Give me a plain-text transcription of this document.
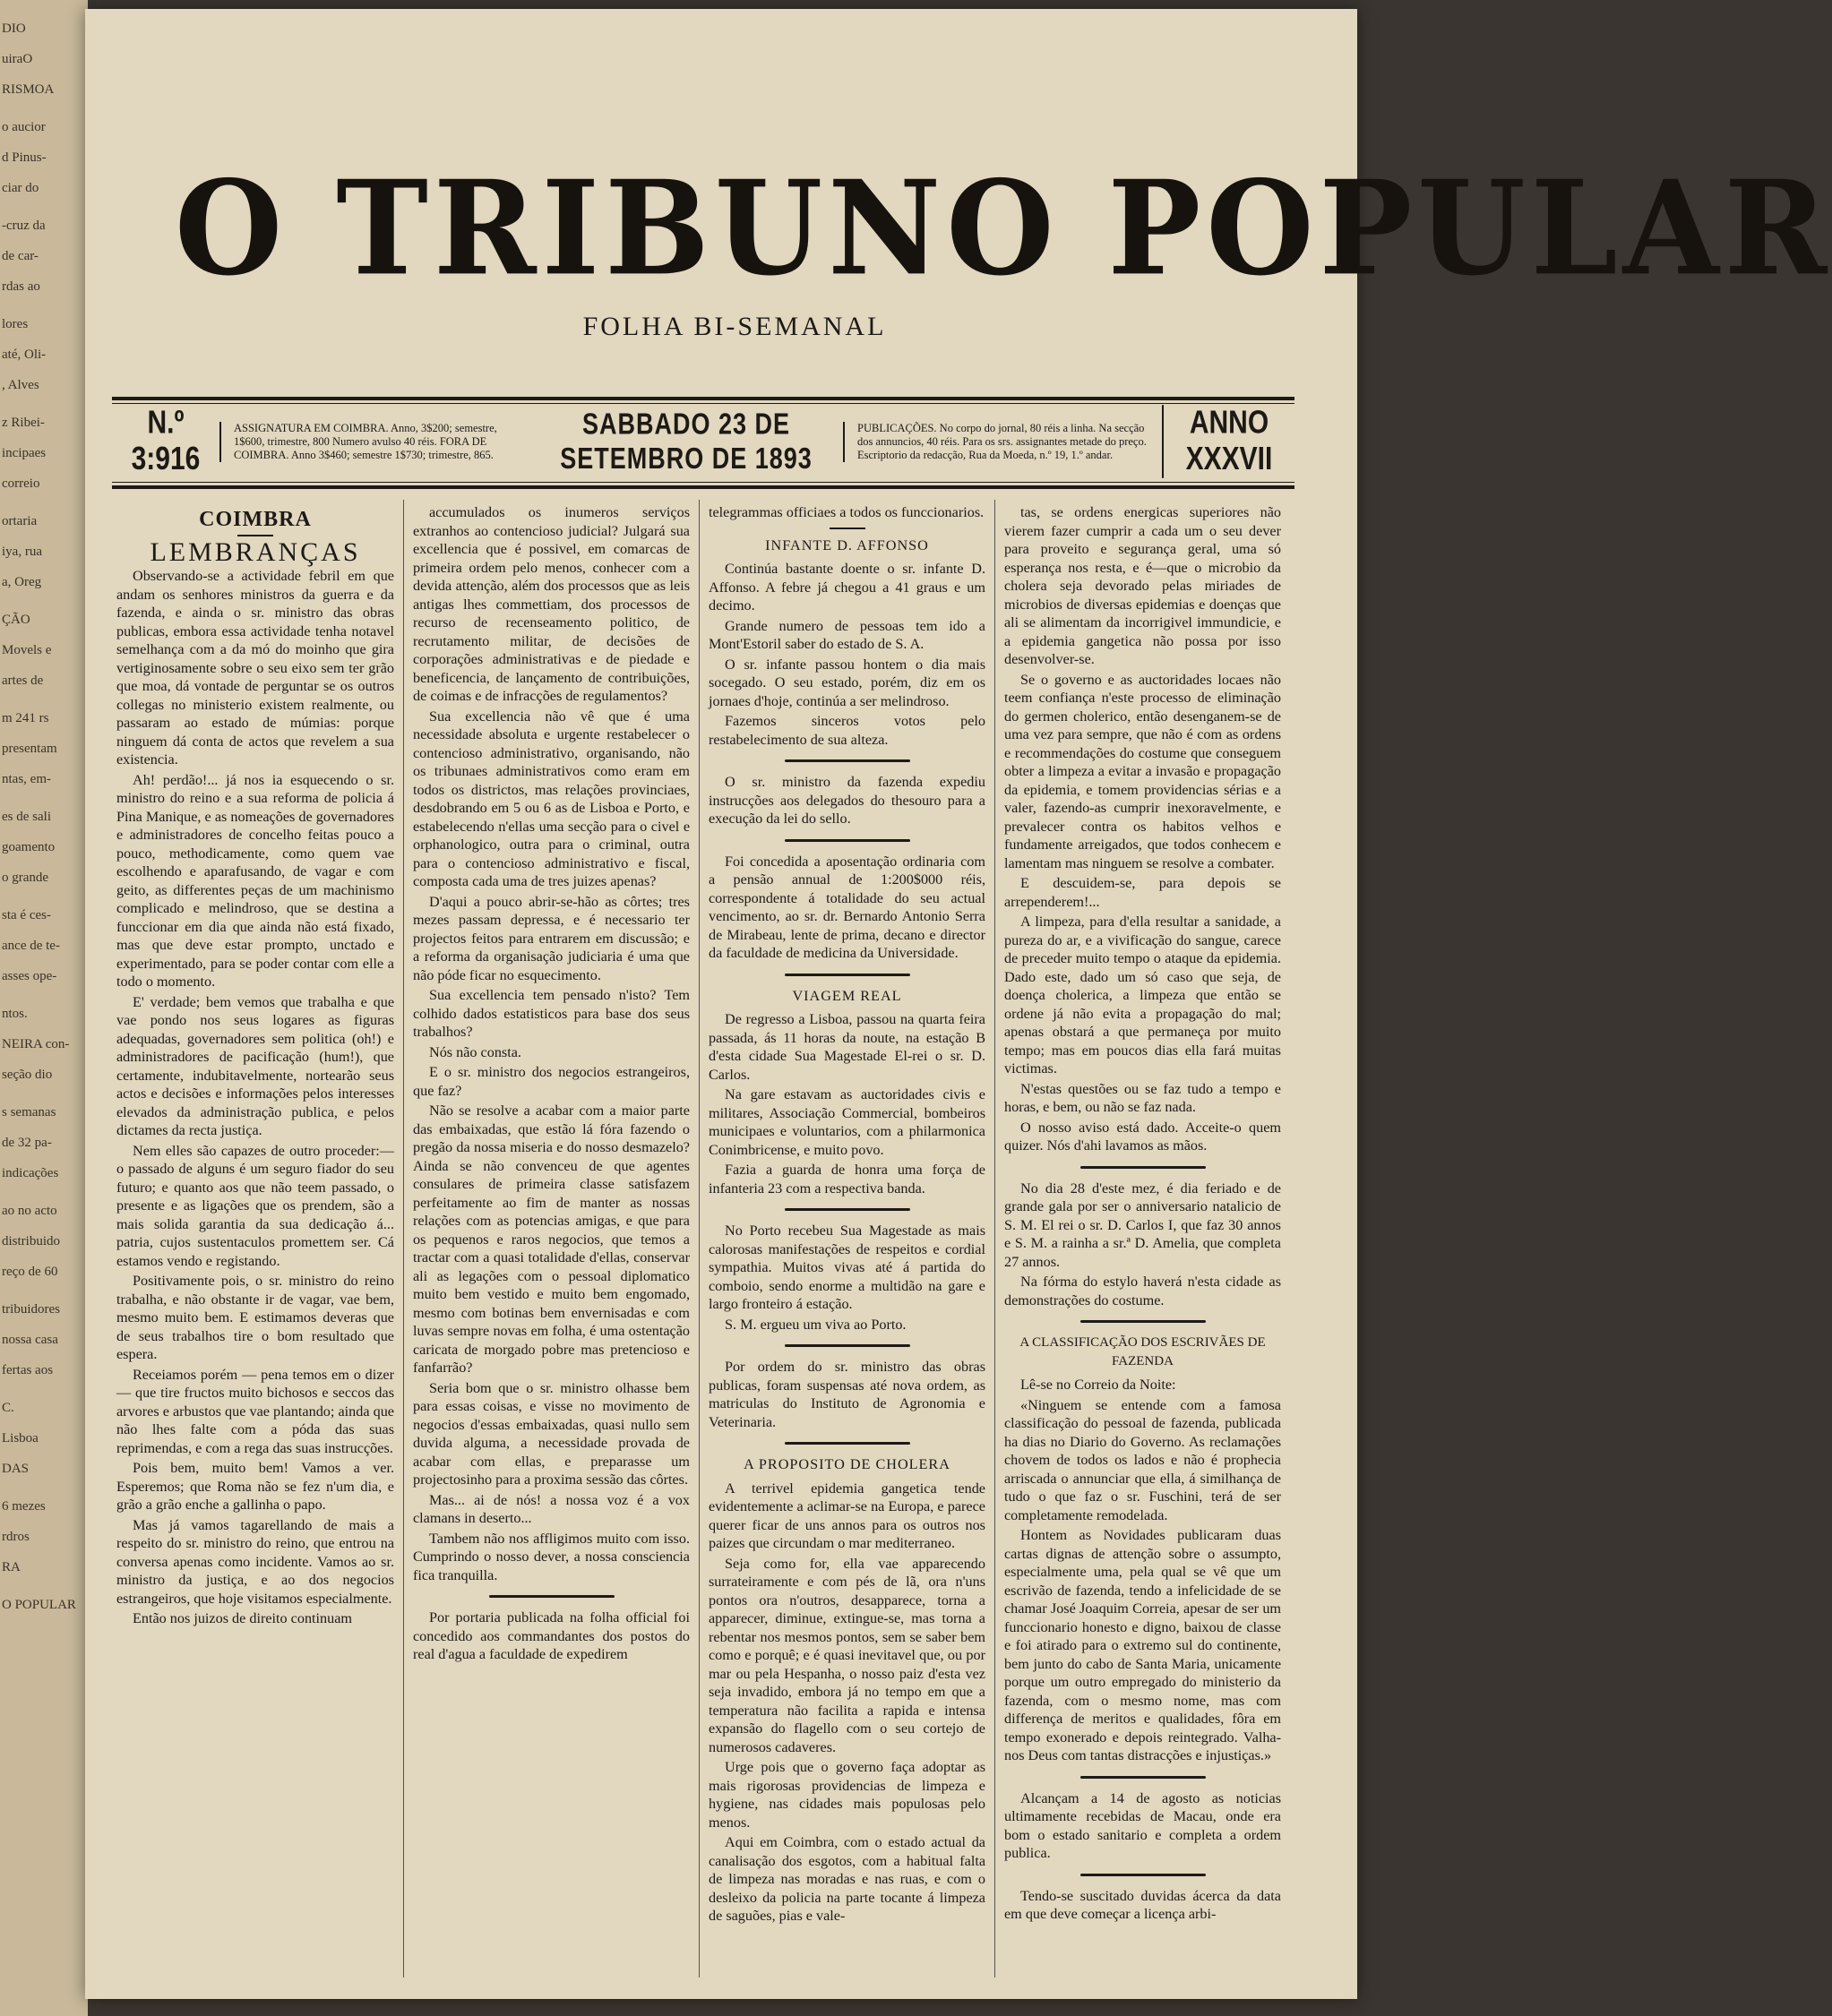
DIO
uiraO
RISMOA
o aucior
d Pinus-
ciar do
-cruz da
de car-
rdas ao
lores
até, Oli-
, Alves
z Ribei-
incipaes
correio
ortaria
iya, rua
a, Oreg
ÇÃO
Movels e
artes de
m 241 rs
presentam
ntas, em-
es de sali
goamento
o grande
sta é ces-
ance de te-
asses ope-
ntos.
NEIRA con-
seção dio
s semanas
de 32 pa-
indicações
ao no acto
distribuido
reço de 60
tribuidores
nossa casa
fertas aos
C.
Lisboa
DAS
6 mezes
rdros
RA
O POPULAR
O TRIBUNO POPULAR
FOLHA BI-SEMANAL
N.º 3:916
ASSIGNATURA EM COIMBRA. Anno, 3$200; semestre, 1$600, trimestre, 800 Numero avulso 40 réis. FORA DE COIMBRA. Anno 3$460; semestre 1$730; trimestre, 865.
SABBADO 23 DE SETEMBRO DE 1893
PUBLICAÇÕES. No corpo do jornal, 80 réis a linha. Na secção dos annuncios, 40 réis. Para os srs. assignantes metade do preço. Escriptorio da redacção, Rua da Moeda, n.º 19, 1.º andar.
ANNO XXXVII
COIMBRA
LEMBRANÇAS

Observando-se a actividade febril em que andam os senhores ministros da guerra e da fazenda, e ainda o sr. ministro das obras publicas, embora essa actividade tenha notavel semelhança com a da mó do moinho que gira vertiginosamente sobre o seu eixo sem ter grão que moa, dá vontade de perguntar se os outros collegas no ministerio existem realmente, ou passaram ao estado de múmias: porque ninguem dá conta de actos que revelem a sua existencia.

Ah! perdão!... já nos ia esquecendo o sr. ministro do reino e a sua reforma de policia á Pina Manique, e as nomeações de governadores e administradores de concelho feitas pouco a pouco, methodicamente, como quem vae escolhendo e aparafusando, de vagar e com geito, as differentes peças de um machinismo complicado e melindroso, que se destina a funccionar em dia que ainda não está fixado, mas que deve estar prompto, unctado e experimentado, para se poder contar com elle a todo o momento.

E' verdade; bem vemos que trabalha e que vae pondo nos seus logares as figuras adequadas, governadores sem politica (oh!) e administradores de pacificação (hum!), que certamente, indubitavelmente, nortearão seus actos e decisões e informações pelos interesses elevados da administração publica, e pelos dictames da recta justiça.

Nem elles são capazes de outro proceder:—o passado de alguns é um seguro fiador do seu futuro; e quanto aos que não teem passado, o presente e as ligações que os prendem, são a mais solida garantia da sua dedicação á... patria, cujos sustentaculos promettem ser. Cá estamos vendo e registando.

Positivamente pois, o sr. ministro do reino trabalha, e não obstante ir de vagar, vae bem, mesmo muito bem. E estimamos deveras que de seus trabalhos tire o bom resultado que espera.

Receiamos porém — pena temos em o dizer— que tire fructos muito bichosos e seccos das arvores e arbustos que vae plantando; ainda que não lhes falte com a póda das suas reprimendas, e com a rega das suas instrucções.

Pois bem, muito bem! Vamos a ver. Esperemos; que Roma não se fez n'um dia, e grão a grão enche a gallinha o papo.

Mas já vamos tagarellando de mais a respeito do sr. ministro do reino, que entrou na conversa apenas como incidente. Vamos ao sr. ministro da justiça, e ao dos negocios estrangeiros, que hoje visitamos especialmente.

Então nos juizos de direito continuam

accumulados os inumeros serviços extranhos ao contencioso judicial? Julgará sua excellencia que é possivel, em comarcas de primeira ordem pelo menos, conhecer com a devida attenção, além dos processos que as leis antigas lhes commettiam, dos processos de recurso de recenseamento politico, de recrutamento militar, de decisões de corporações administrativas e de piedade e beneficencia, de lançamento de contribuições, de coimas e de infracções de regulamentos?

Sua excellencia não vê que é uma necessidade absoluta e urgente restabelecer o contencioso administrativo, organisando, não os tribunaes administrativos como eram em todos os districtos, mas relações provinciaes, desdobrando em 5 ou 6 as de Lisboa e Porto, e estabelecendo n'ellas uma secção para o civel e orphanologico, outra para o criminal, outra para o contencioso administrativo e fiscal, composta cada uma de tres juizes apenas?

D'aqui a pouco abrir-se-hão as côrtes; tres mezes passam depressa, e é necessario ter projectos feitos para entrarem em discussão; e a reforma da organisação judiciaria é uma que não póde ficar no esquecimento.

Sua excellencia tem pensado n'isto? Tem colhido dados estatisticos para base dos seus trabalhos?

Nós não consta.

E o sr. ministro dos negocios estrangeiros, que faz?

Não se resolve a acabar com a maior parte das embaixadas, que estão lá fóra fazendo o pregão da nossa miseria e do nosso desmazelo? Ainda se não convenceu de que agentes consulares de primeira classe satisfazem perfeitamente ao fim de manter as nossas relações com as potencias amigas, e que para os pequenos e raros negocios, que temos a tractar com a quasi totalidade d'ellas, conservar ali as legações com o pessoal diplomatico muito bem vestido e muito bem engomado, mesmo com botinas bem envernisadas e com luvas sempre novas em folha, é uma ostentação caricata de morgado pobre mas pretencioso e fanfarrão?

Seria bom que o sr. ministro olhasse bem para essas coisas, e visse no movimento de negocios d'essas embaixadas, quasi nullo sem duvida alguma, a necessidade provada de acabar com ellas, e preparasse um projectosinho para a proxima sessão das côrtes.

Mas... ai de nós! a nossa voz é a vox clamans in deserto...

Tambem não nos affligimos muito com isso. Cumprindo o nosso dever, a nossa consciencia fica tranquilla.

Por portaria publicada na folha official foi concedido aos commandantes dos postos do real d'agua a faculdade de expedirem

telegrammas officiaes a todos os funccionarios.

INFANTE D. AFFONSO

Continúa bastante doente o sr. infante D. Affonso. A febre já chegou a 41 graus e um decimo.

Grande numero de pessoas tem ido a Mont'Estoril saber do estado de S. A.

O sr. infante passou hontem o dia mais socegado. O seu estado, porém, diz em os jornaes d'hoje, continúa a ser melindroso.

Fazemos sinceros votos pelo restabelecimento de sua alteza.

O sr. ministro da fazenda expediu instrucções aos delegados do thesouro para a execução da lei do sello.

Foi concedida a aposentação ordinaria com a pensão annual de 1:200$000 réis, correspondente á totalidade do seu actual vencimento, ao sr. dr. Bernardo Antonio Serra de Mirabeau, lente de prima, decano e director da faculdade de medicina da Universidade.

VIAGEM REAL

De regresso a Lisboa, passou na quarta feira passada, ás 11 horas da noute, na estação B d'esta cidade Sua Magestade El-rei o sr. D. Carlos.

Na gare estavam as auctoridades civis e militares, Associação Commercial, bombeiros municipaes e voluntarios, com a philarmonica Conimbricense, e muito povo.

Fazia a guarda de honra uma força de infanteria 23 com a respectiva banda.

No Porto recebeu Sua Magestade as mais calorosas manifestações de respeitos e cordial sympathia. Muitos vivas até á partida do comboio, sendo enorme a multidão na gare e largo fronteiro á estação.

S. M. ergueu um viva ao Porto.

Por ordem do sr. ministro das obras publicas, foram suspensas até nova ordem, as matriculas do Instituto de Agronomia e Veterinaria.

A PROPOSITO DE CHOLERA

A terrivel epidemia gangetica tende evidentemente a aclimar-se na Europa, e parece querer ficar de uns annos para os outros nos paizes que circundam o mar mediterraneo.

Seja como for, ella vae apparecendo surrateiramente e com pés de lã, ora n'uns pontos ora n'outros, desapparece, torna a apparecer, diminue, extingue-se, mas torna a rebentar nos mesmos pontos, sem se saber bem como e porquê; e é quasi inevitavel que, ou por mar ou pela Hespanha, o nosso paiz d'esta vez seja invadido, embora já no tempo em que a temperatura não facilita a rapida e intensa expansão do flagello com o seu cortejo de numerosos cadaveres.

Urge pois que o governo faça adoptar as mais rigorosas providencias de limpeza e hygiene, nas cidades mais populosas pelo menos.

Aqui em Coimbra, com o estado actual da canalisação dos esgotos, com a habitual falta de limpeza nas moradas e nas ruas, e com o desleixo da policia na parte tocante á limpeza de saguões, pias e vale-

tas, se ordens energicas superiores não vierem fazer cumprir a cada um o seu dever para proveito e segurança geral, uma só esperança nos resta, e é—que o microbio da cholera seja devorado pelas miriades de microbios de diversas epidemias e doenças que ali se alimentam da incorrigivel immundicie, e a epidemia gangetica não possa por isso desenvolver-se.

Se o governo e as auctoridades locaes não teem confiança n'este processo de eliminação do germen cholerico, então desenganem-se de uma vez para sempre, que não é com as ordens e recommendações do costume que conseguem obter a limpeza a evitar a invasão e propagação da epidemia, e tomem providencias sérias e a valer, fazendo-as cumprir inexoravelmente, e prevalecer contra os habitos velhos e fundamente arreigados, que todos conhecem e lamentam mas ninguem se resolve a combater.

E descuidem-se, para depois se arrependerem!...

A limpeza, para d'ella resultar a sanidade, a pureza do ar, e a vivificação do sangue, carece de preceder muito tempo o ataque da epidemia. Dado este, dado um só caso que seja, de doença cholerica, a limpeza que então se ordene já não evita a propagação do mal; apenas obstará a que permaneça por muito tempo; mas em poucos dias ella fará muitas victimas.

N'estas questões ou se faz tudo a tempo e horas, e bem, ou não se faz nada.

O nosso aviso está dado. Acceite-o quem quizer. Nós d'ahi lavamos as mãos.

No dia 28 d'este mez, é dia feriado e de grande gala por ser o anniversario natalicio de S. M. El rei o sr. D. Carlos I, que faz 30 annos e S. M. a rainha a sr.ª D. Amelia, que completa 27 annos.

Na fórma do estylo haverá n'esta cidade as demonstrações do costume.

A CLASSIFICAÇÃO DOS ESCRIVÃES DE FAZENDA

Lê-se no Correio da Noite:

«Ninguem se entende com a famosa classificação do pessoal de fazenda, publicada ha dias no Diario do Governo. As reclamações chovem de todos os lados e não é prophecia arriscada o annunciar que ella, á similhança de tudo o que faz o sr. Fuschini, terá de ser completamente remodelada.

Hontem as Novidades publicaram duas cartas dignas de attenção sobre o assumpto, especialmente uma, pela qual se vê que um escrivão de fazenda, tendo a infelicidade de se chamar José Joaquim Correia, apesar de ser um funccionario honesto e digno, baixou de classe e foi atirado para o extremo sul do continente, bem junto do cabo de Santa Maria, unicamente porque um outro empregado do ministerio da fazenda, com o mesmo nome, mas com differença de meritos e qualidades, fôra em tempo exonerado e depois reintegrado. Valha-nos Deus com tantas distracções e injustiças.»

Alcançam a 14 de agosto as noticias ultimamente recebidas de Macau, onde era bom o estado sanitario e completa a ordem publica.

Tendo-se suscitado duvidas ácerca da data em que deve começar a licença arbi-
